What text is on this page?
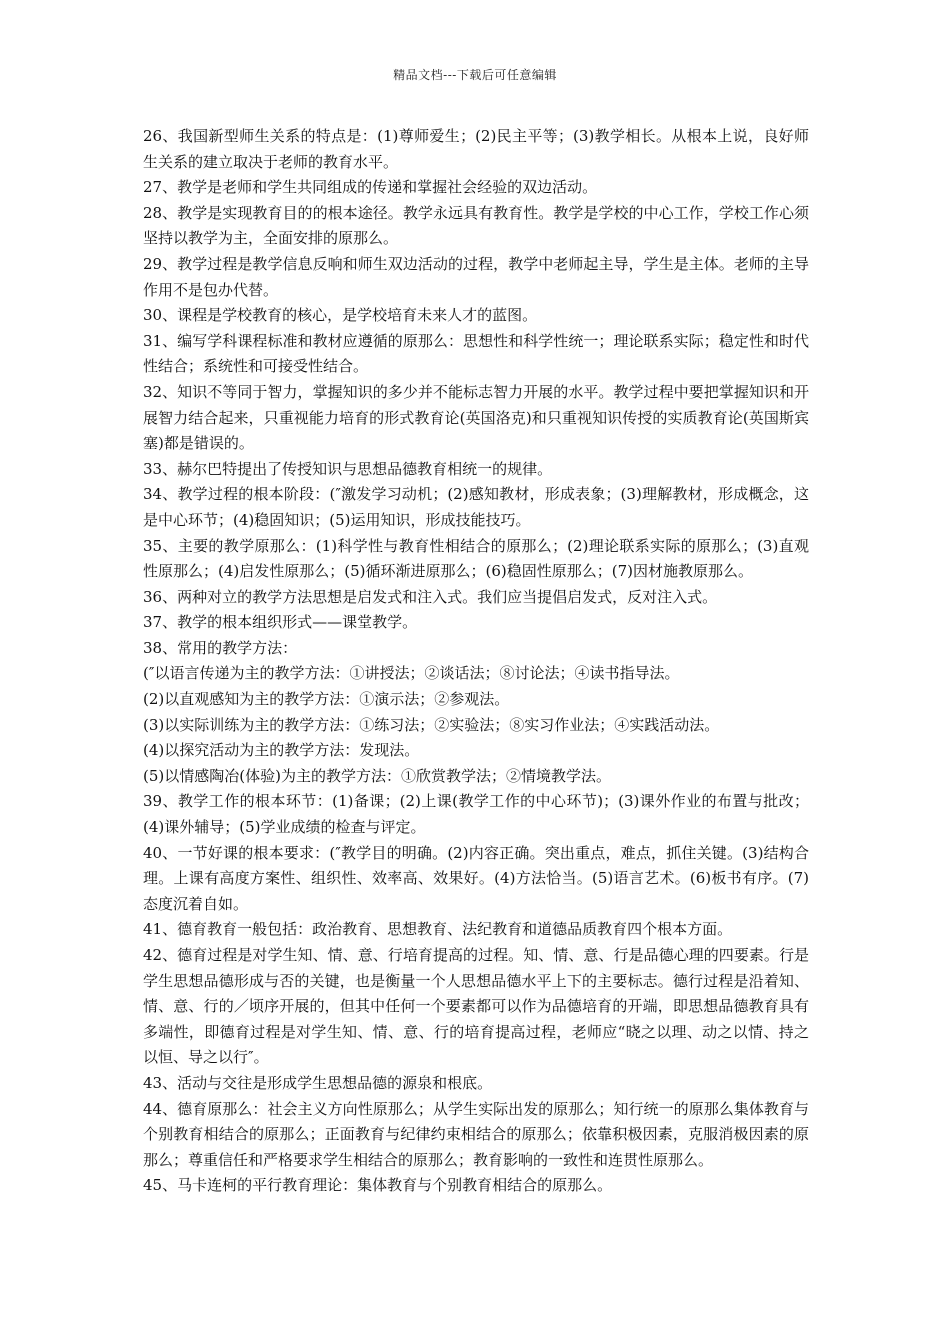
精品文档---下载后可任意编辑

26、我国新型师生关系的特点是：(1)尊师爱生；(2)民主平等；(3)教学相长。从根本上说，良好师生关系的建立取决于老师的教育水平。

27、教学是老师和学生共同组成的传递和掌握社会经验的双边活动。

28、教学是实现教育目的的根本途径。教学永远具有教育性。教学是学校的中心工作，学校工作心须坚持以教学为主，全面安排的原那么。

29、教学过程是教学信息反响和师生双边活动的过程，教学中老师起主导，学生是主体。老师的主导作用不是包办代替。

30、课程是学校教育的核心，是学校培育未来人才的蓝图。

31、编写学科课程标准和教材应遵循的原那么：思想性和科学性统一；理论联系实际；稳定性和时代性结合；系统性和可接受性结合。

32、知识不等同于智力，掌握知识的多少并不能标志智力开展的水平。教学过程中要把掌握知识和开展智力结合起来，只重视能力培育的形式教育论(英国洛克)和只重视知识传授的实质教育论(英国斯宾塞)都是错误的。

33、赫尔巴特提出了传授知识与思想品德教育相统一的规律。

34、教学过程的根本阶段：(″激发学习动机；(2)感知教材，形成表象；(3)理解教材，形成概念，这是中心环节；(4)稳固知识；(5)运用知识，形成技能技巧。

35、主要的教学原那么：(1)科学性与教育性相结合的原那么；(2)理论联系实际的原那么；(3)直观性原那么；(4)启发性原那么；(5)循环渐进原那么；(6)稳固性原那么；(7)因材施教原那么。

36、两种对立的教学方法思想是启发式和注入式。我们应当提倡启发式，反对注入式。

37、教学的根本组织形式——课堂教学。

38、常用的教学方法：

(″以语言传递为主的教学方法：①讲授法；②谈话法；⑧讨论法；④读书指导法。

(2)以直观感知为主的教学方法：①演示法；②参观法。

(3)以实际训练为主的教学方法：①练习法；②实验法；⑧实习作业法；④实践活动法。

(4)以探究活动为主的教学方法：发现法。

(5)以情感陶冶(体验)为主的教学方法：①欣赏教学法；②情境教学法。

39、教学工作的根本环节：(1)备课；(2)上课(教学工作的中心环节)；(3)课外作业的布置与批改；(4)课外辅导；(5)学业成绩的检查与评定。

40、一节好课的根本要求：(″教学目的明确。(2)内容正确。突出重点，难点，抓住关键。(3)结构合理。上课有高度方案性、组织性、效率高、效果好。(4)方法恰当。(5)语言艺术。(6)板书有序。(7)态度沉着自如。

41、德育教育一般包括：政治教育、思想教育、法纪教育和道德品质教育四个根本方面。

42、德育过程是对学生知、情、意、行培育提高的过程。知、情、意、行是品德心理的四要素。行是学生思想品德形成与否的关键，也是衡量一个人思想品德水平上下的主要标志。德行过程是沿着知、情、意、行的／顷序开展的，但其中任何一个要素都可以作为品德培育的开端，即思想品德教育具有多端性，即德育过程是对学生知、情、意、行的培育提高过程，老师应“晓之以理、动之以情、持之以恒、导之以行″。

43、活动与交往是形成学生思想品德的源泉和根底。

44、德育原那么：社会主义方向性原那么；从学生实际出发的原那么；知行统一的原那么集体教育与个别教育相结合的原那么；正面教育与纪律约束相结合的原那么；依靠积极因素，克服消极因素的原那么；尊重信任和严格要求学生相结合的原那么；教育影响的一致性和连贯性原那么。

45、马卡连柯的平行教育理论：集体教育与个别教育相结合的原那么。
